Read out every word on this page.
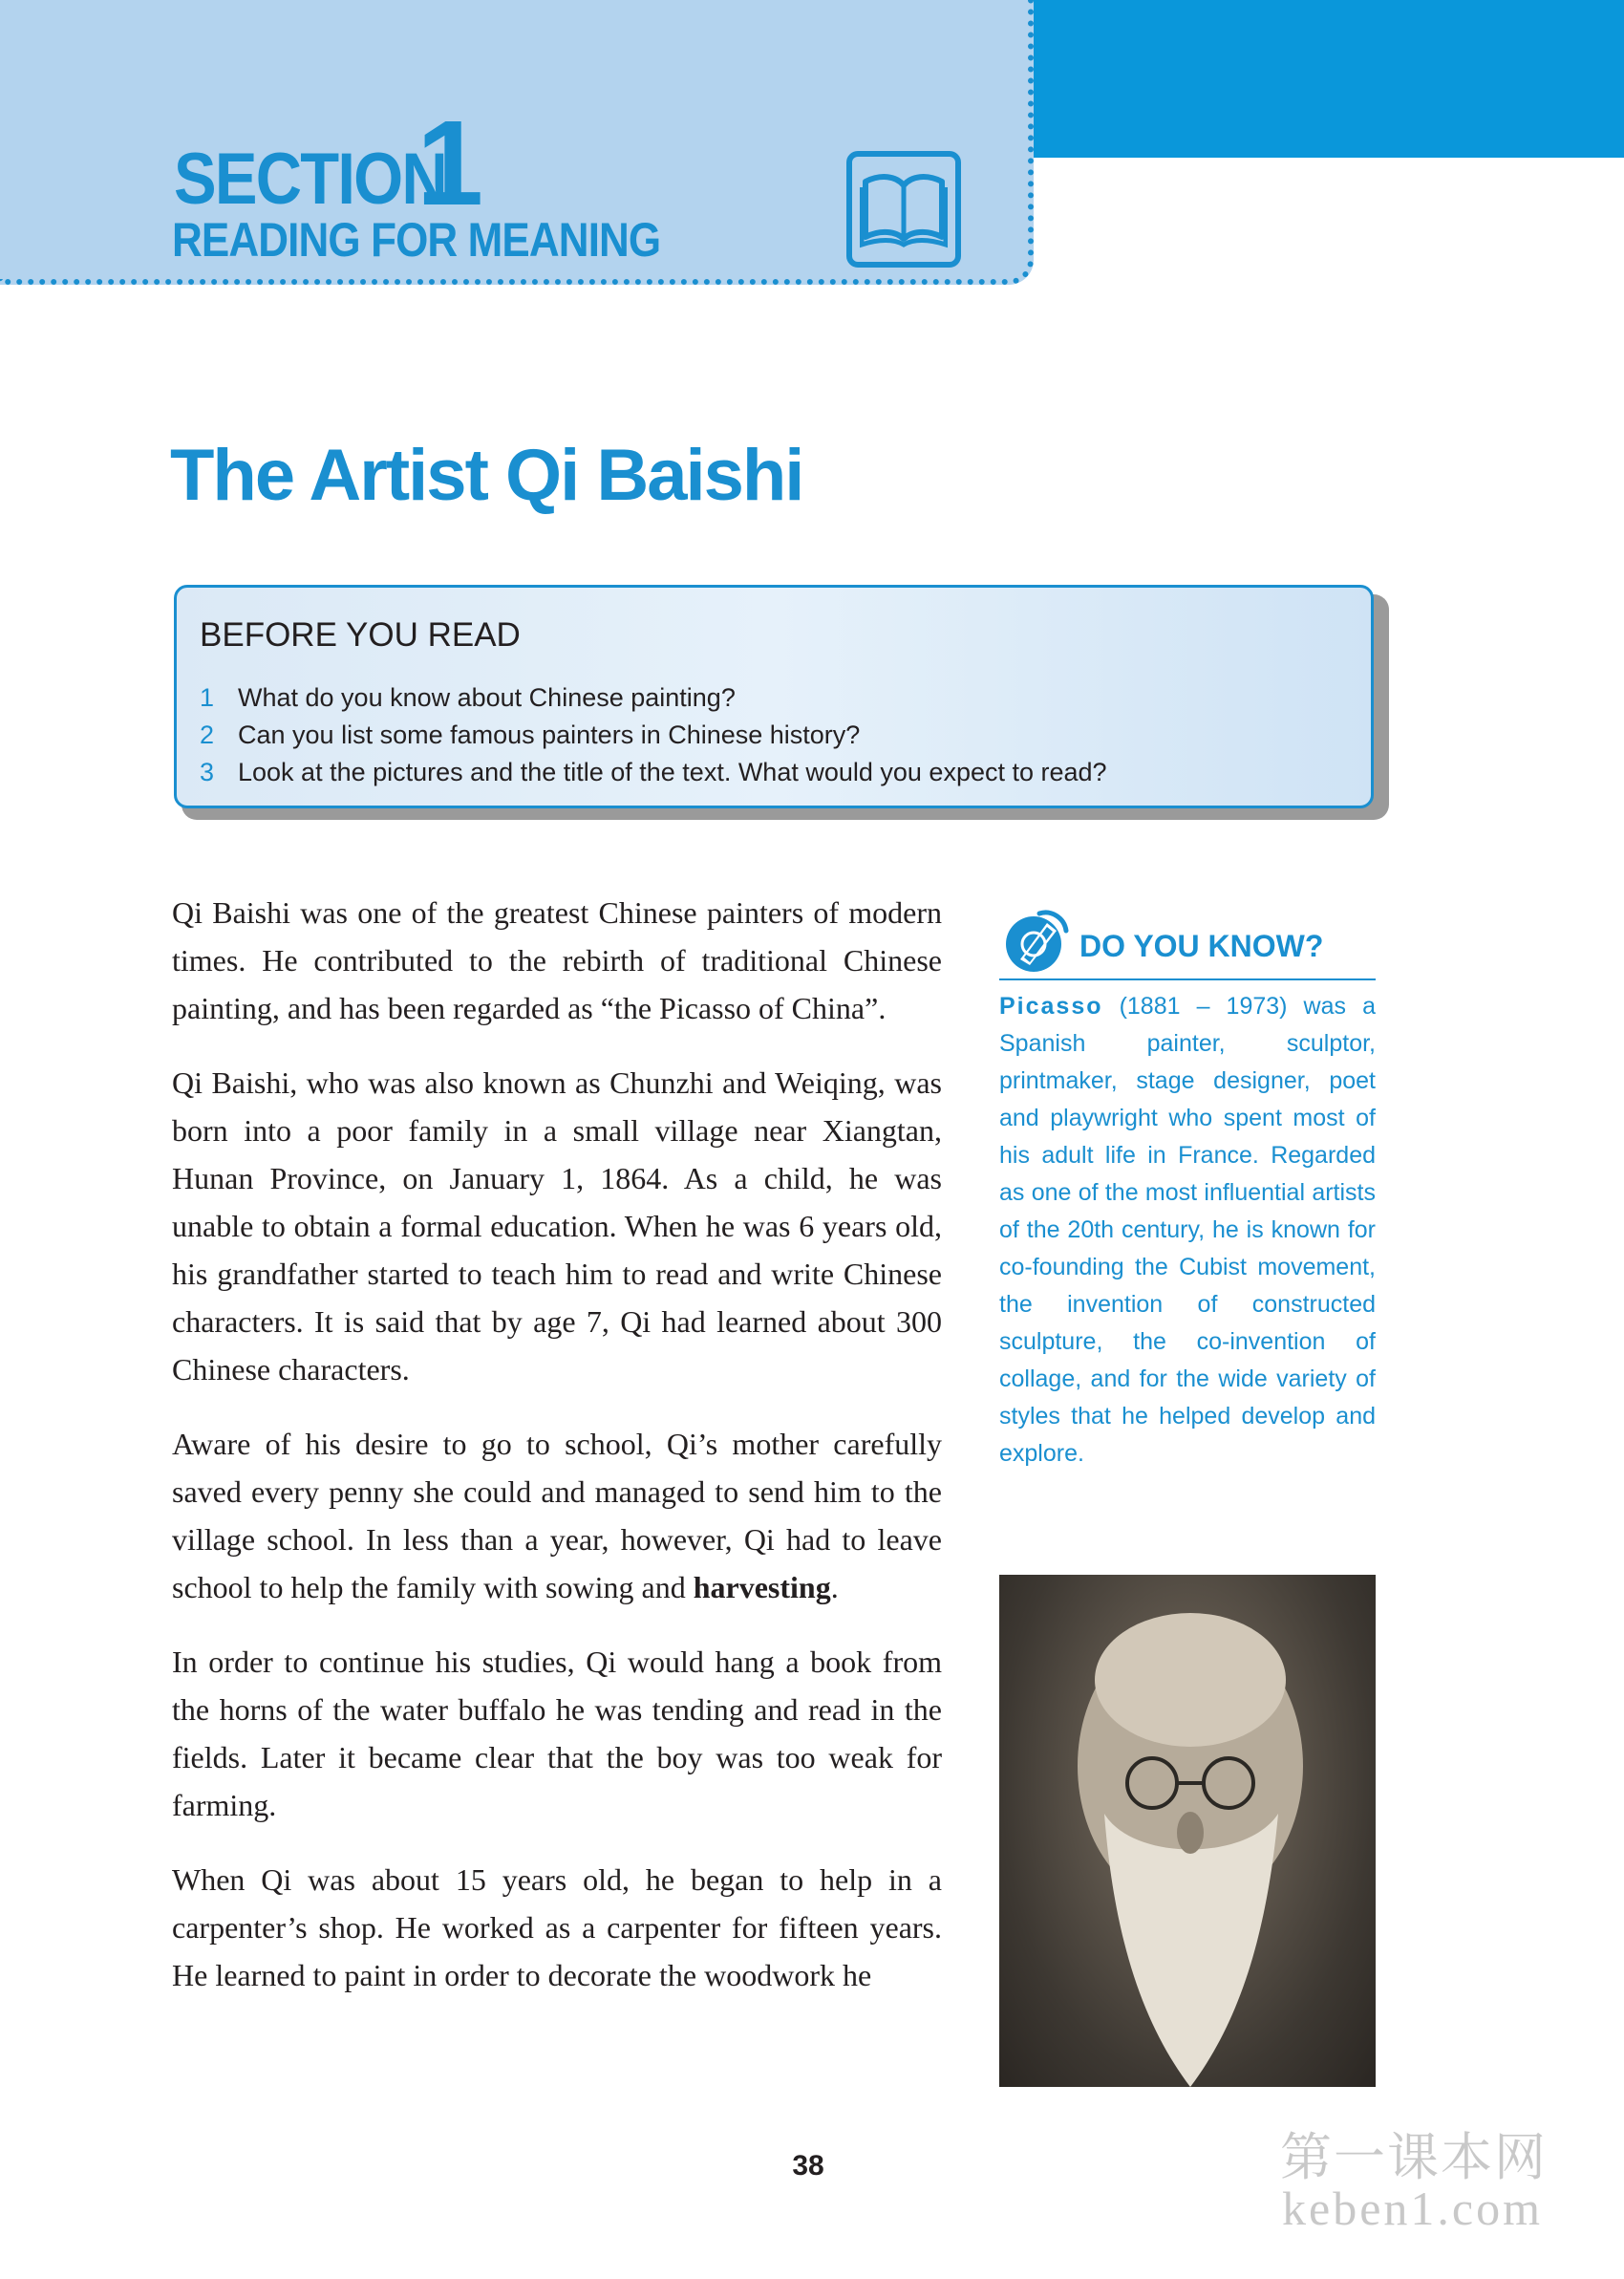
SECTION
1
READING FOR MEANING
The Artist Qi Baishi
BEFORE YOU READ
1 What do you know about Chinese painting?
2 Can you list some famous painters in Chinese history?
3 Look at the pictures and the title of the text. What would you expect to read?

Qi Baishi was one of the greatest Chinese painters of modern times. He contributed to the rebirth of traditional Chinese painting, and has been regarded as “the Picasso of China”.

Qi Baishi, who was also known as Chunzhi and Weiqing, was born into a poor family in a small village near Xiangtan, Hunan Province, on January 1, 1864. As a child, he was unable to obtain a formal education. When he was 6 years old, his grandfather started to teach him to read and write Chinese characters. It is said that by age 7, Qi had learned about 300 Chinese characters.

Aware of his desire to go to school, Qi’s mother carefully saved every penny she could and managed to send him to the village school. In less than a year, however, Qi had to leave school to help the family with sowing and harvesting.

In order to continue his studies, Qi would hang a book from the horns of the water buffalo he was tending and read in the fields. Later it became clear that the boy was too weak for farming.

When Qi was about 15 years old, he began to help in a carpenter’s shop. He worked as a carpenter for fifteen years. He learned to paint in order to decorate the woodwork he

DO YOU KNOW?
Picasso (1881 – 1973) was a Spanish painter, sculptor, printmaker, stage designer, poet and playwright who spent most of his adult life in France. Regarded as one of the most influential artists of the 20th century, he is known for co-founding the Cubist movement, the invention of constructed sculpture, the co-invention of collage, and for the wide variety of styles that he helped develop and explore.
38	第一课本网
keben1.com
